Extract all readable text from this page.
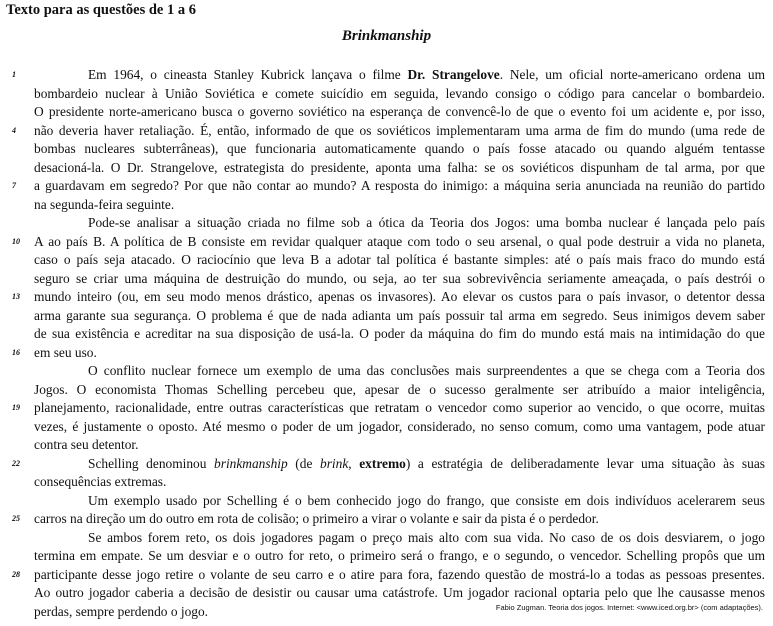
Texto para as questões de 1 a 6
Brinkmanship
1	Em 1964, o cineasta Stanley Kubrick lançava o filme Dr. Strangelove. Nele, um oficial norte-americano ordena um
bombardeio nuclear à União Soviética e comete suicídio em seguida, levando consigo o código para cancelar o bombardeio.
O presidente norte-americano busca o governo soviético na esperança de convencê-lo de que o evento foi um acidente e, por isso,
4	não deveria haver retaliação. É, então, informado de que os soviéticos implementaram uma arma de fim do mundo (uma rede de
bombas nucleares subterrâneas), que funcionaria automaticamente quando o país fosse atacado ou quando alguém tentasse
desacioná-la. O Dr. Strangelove, estrategista do presidente, aponta uma falha: se os soviéticos dispunham de tal arma, por que
7	a guardavam em segredo? Por que não contar ao mundo? A resposta do inimigo: a máquina seria anunciada na reunião do partido
na segunda-feira seguinte.
Pode-se analisar a situação criada no filme sob a ótica da Teoria dos Jogos: uma bomba nuclear é lançada pelo país
10	A ao país B. A política de B consiste em revidar qualquer ataque com todo o seu arsenal, o qual pode destruir a vida no planeta,
caso o país seja atacado. O raciocínio que leva B a adotar tal política é bastante simples: até o país mais fraco do mundo está
seguro se criar uma máquina de destruição do mundo, ou seja, ao ter sua sobrevivência seriamente ameaçada, o país destrói o
13	mundo inteiro (ou, em seu modo menos drástico, apenas os invasores). Ao elevar os custos para o país invasor, o detentor dessa
arma garante sua segurança. O problema é que de nada adianta um país possuir tal arma em segredo. Seus inimigos devem saber
de sua existência e acreditar na sua disposição de usá-la. O poder da máquina do fim do mundo está mais na intimidação do que
16	em seu uso.
O conflito nuclear fornece um exemplo de uma das conclusões mais surpreendentes a que se chega com a Teoria dos
Jogos. O economista Thomas Schelling percebeu que, apesar de o sucesso geralmente ser atribuído a maior inteligência,
19	planejamento, racionalidade, entre outras características que retratam o vencedor como superior ao vencido, o que ocorre, muitas
vezes, é justamente o oposto. Até mesmo o poder de um jogador, considerado, no senso comum, como uma vantagem, pode atuar
contra seu detentor.
22	Schelling denominou brinkmanship (de brink, extremo) a estratégia de deliberadamente levar uma situação às suas
consequências extremas.
Um exemplo usado por Schelling é o bem conhecido jogo do frango, que consiste em dois indivíduos acelerarem seus
25	carros na direção um do outro em rota de colisão; o primeiro a virar o volante e sair da pista é o perdedor.
Se ambos forem reto, os dois jogadores pagam o preço mais alto com sua vida. No caso de os dois desviarem, o jogo
termina em empate. Se um desviar e o outro for reto, o primeiro será o frango, e o segundo, o vencedor. Schelling propôs que um
28	participante desse jogo retire o volante de seu carro e o atire para fora, fazendo questão de mostrá-lo a todas as pessoas presentes.
Ao outro jogador caberia a decisão de desistir ou causar uma catástrofe. Um jogador racional optaria pelo que lhe causasse menos
perdas, sempre perdendo o jogo.	Fabio Zugman. Teoria dos jogos. Internet: <www.iced.org.br> (com adaptações).
